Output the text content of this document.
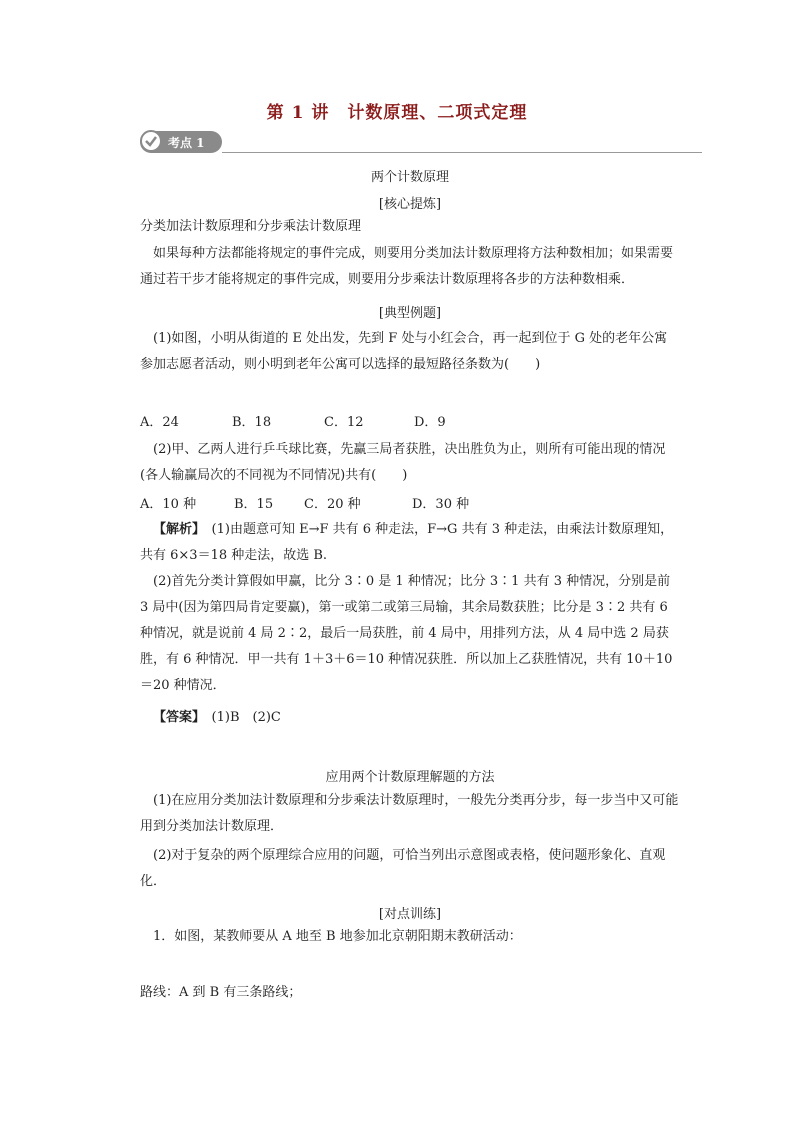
第 1 讲　计数原理、二项式定理
考点 1
两个计数原理
[核心提炼]
分类加法计数原理和分步乘法计数原理
如果每种方法都能将规定的事件完成，则要用分类加法计数原理将方法种数相加；如果需要通过若干步才能将规定的事件完成，则要用分步乘法计数原理将各步的方法种数相乘．
[典型例题]
(1)如图，小明从街道的 E 处出发，先到 F 处与小红会合，再一起到位于 G 处的老年公寓参加志愿者活动，则小明到老年公寓可以选择的最短路径条数为(　　)
A．24	B．18	C．12	D．9
(2)甲、乙两人进行乒乓球比赛，先赢三局者获胜，决出胜负为止，则所有可能出现的情况(各人输赢局次的不同视为不同情况)共有(　　)
A．10 种	B．15 C．20 种	D．30 种
【解析】　 (1)由题意可知 E→F 共有 6 种走法，F→G 共有 3 种走法，由乘法计数原理知，共有 6×3＝18 种走法，故选 B.
(2)首先分类计算假如甲赢，比分 3∶0 是 1 种情况；比分 3∶1 共有 3 种情况，分别是前 3 局中(因为第四局肯定要赢)，第一或第二或第三局输，其余局数获胜；比分是 3∶2 共有 6 种情况，就是说前 4 局 2∶2，最后一局获胜，前 4 局中，用排列方法，从 4 局中选 2 局获胜，有 6 种情况．甲一共有 1＋3＋6＝10 种情况获胜．所以加上乙获胜情况，共有 10＋10＝20 种情况．
【答案】　 (1)B　(2)C
应用两个计数原理解题的方法
(1)在应用分类加法计数原理和分步乘法计数原理时，一般先分类再分步，每一步当中又可能用到分类加法计数原理．
(2)对于复杂的两个原理综合应用的问题，可恰当列出示意图或表格，使问题形象化、直观化．
[对点训练]
1．如图，某教师要从 A 地至 B 地参加北京朝阳期末教研活动：
路线：A 到 B 有三条路线；
